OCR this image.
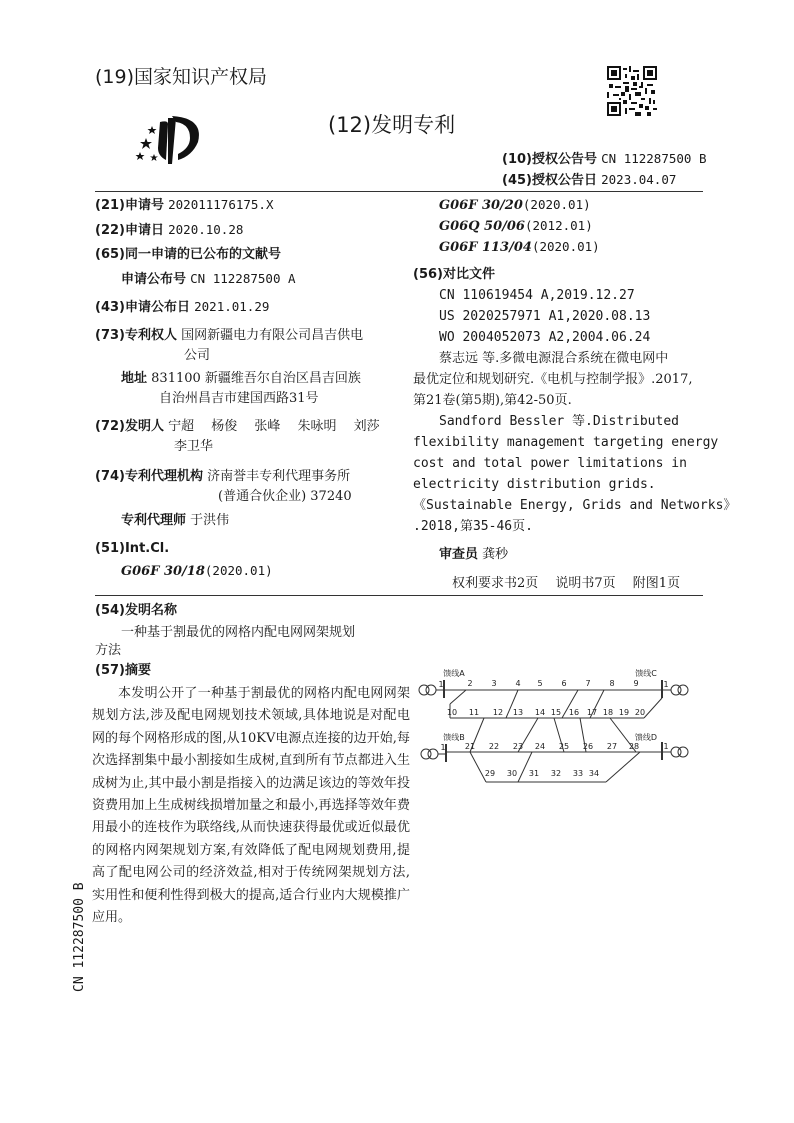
(19)国家知识产权局
(12)发明专利
(10)授权公告号 CN 112287500 B
(45)授权公告日 2023.04.07
(21)申请号 202011176175.X
(22)申请日 2020.10.28
(65)同一申请的已公布的文献号
申请公布号 CN 112287500 A
(43)申请公布日 2021.01.29
(73)专利权人 国网新疆电力有限公司昌吉供电
公司
地址 831100 新疆维吾尔自治区昌吉回族
自治州昌吉市建国西路31号
(72)发明人 宁超　 杨俊　 张峰　 朱咏明　 刘莎
李卫华
(74)专利代理机构 济南誉丰专利代理事务所
(普通合伙企业) 37240
专利代理师 于洪伟
(51)Int.Cl.
G06F 30/18(2020.01)
G06F 30/20(2020.01)
G06Q 50/06(2012.01)
G06F 113/04(2020.01)
(56)对比文件
CN 110619454 A,2019.12.27
US 2020257971 A1,2020.08.13
WO 2004052073 A2,2004.06.24
蔡志远 等.多微电源混合系统在微电网中
最优定位和规划研究.《电机与控制学报》.2017,
第21卷(第5期),第42-50页.
Sandford Bessler 等.Distributed
flexibility management targeting energy
cost and total power limitations in
electricity distribution grids.
《Sustainable Energy, Grids and Networks》
.2018,第35-46页.
审查员 龚秒
权利要求书2页　 说明书7页　 附图1页
(54)发明名称
一种基于割最优的网格内配电网网架规划
方法
(57)摘要
本发明公开了一种基于割最优的网格内配电网网架规划方法,涉及配电网规划技术领域,具体地说是对配电网的每个网格形成的图,从10KV电源点连接的边开始,每次选择割集中最小割接如生成树,直到所有节点都进入生成树为止,其中最小割是指接入的边满足该边的等效年投资费用加上生成树线损增加量之和最小,再选择等效年费用最小的连枝作为联络线,从而快速获得最优或近似最优的网格内网架规划方案,有效降低了配电网规划费用,提高了配电网公司的经济效益,相对于传统网架规划方法,实用性和便利性得到极大的提高,适合行业内大规模推广应用。
CN 112287500 B
馈线A
馈线B
馈线C
馈线D
1
1
1
1
2 3 4 5 6 7 8 9
10 11 12 13 14 15 16 17 18 19 20
21 22 23 24 25 26 27 28
29 30 31 32 33 34
